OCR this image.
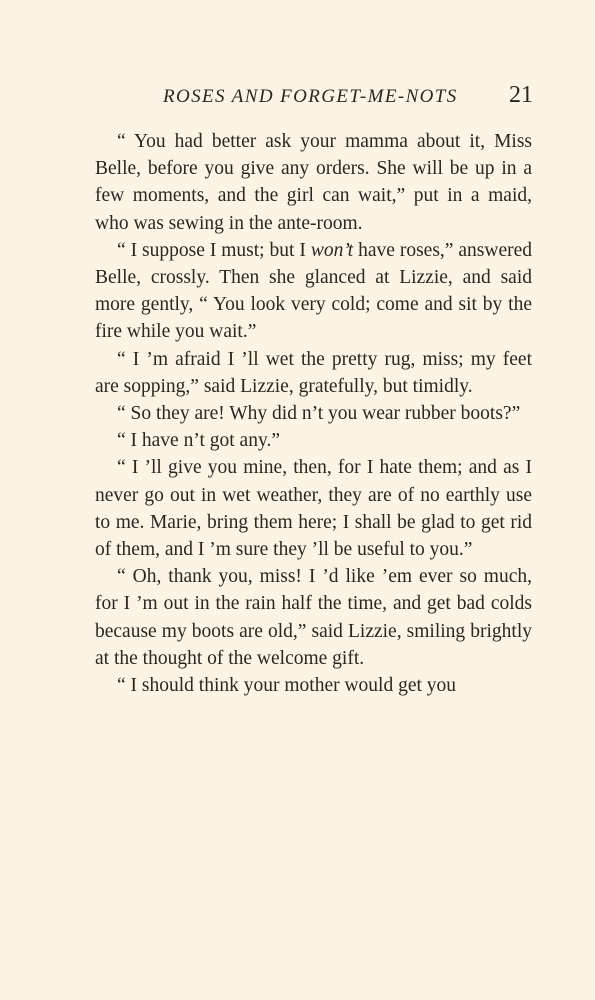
ROSES AND FORGET-ME-NOTS 21

“ You had better ask your mamma about it, Miss Belle, before you give any orders. She will be up in a few moments, and the girl can wait,” put in a maid, who was sewing in the ante-room.

“ I suppose I must; but I won’t have roses,” answered Belle, crossly. Then she glanced at Lizzie, and said more gently, “ You look very cold; come and sit by the fire while you wait.”

“ I ’m afraid I ’ll wet the pretty rug, miss; my feet are sopping,” said Lizzie, gratefully, but timidly.

“ So they are! Why did n’t you wear rubber boots?”

“ I have n’t got any.”

“ I ’ll give you mine, then, for I hate them; and as I never go out in wet weather, they are of no earthly use to me. Marie, bring them here; I shall be glad to get rid of them, and I ’m sure they ’ll be useful to you.”

“ Oh, thank you, miss! I ’d like ’em ever so much, for I ’m out in the rain half the time, and get bad colds because my boots are old,” said Lizzie, smiling brightly at the thought of the welcome gift.

“ I should think your mother would get you
